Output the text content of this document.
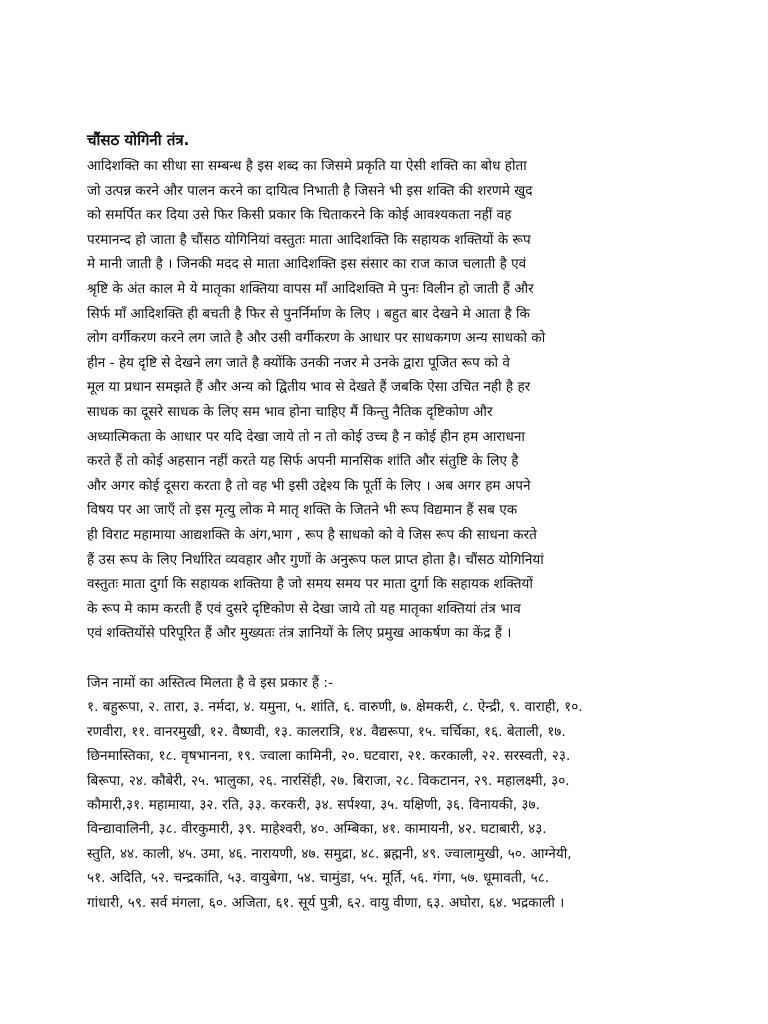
चौंसठ योगिनी तंत्र.
आदिशक्ति का सीधा सा सम्बन्ध है इस शब्द का जिसमे प्रकृति या ऐसी शक्ति का बोध होता
जो उत्पन्न करने और पालन करने का दायित्व निभाती है जिसने भी इस शक्ति की शरणमे खुद
को समर्पित कर दिया उसे फिर किसी प्रकार कि चिताकरने कि कोई आवश्यकता नहीं वह
परमानन्द हो जाता है चौंसठ योगिनियां वस्तुतः माता आदिशक्ति कि सहायक शक्तियों के रूप
मे मानी जाती है । जिनकी मदद से माता आदिशक्ति इस संसार का राज काज चलाती है एवं
श्रृष्टि के अंत काल मे ये मातृका शक्तिया वापस माँ आदिशक्ति मे पुनः विलीन हो जाती हैं और
सिर्फ माँ आदिशक्ति ही बचती है फिर से पुनर्निर्माण के लिए । बहुत बार देखने मे आता है कि
लोग वर्गीकरण करने लग जाते है और उसी वर्गीकरण के आधार पर साधकगण अन्य साधको को
हीन - हेय दृष्टि से देखने लग जाते है क्योंकि उनकी नजर मे उनके द्वारा पूजित रूप को वे
मूल या प्रधान समझते हैं और अन्य को द्वितीय भाव से देखते हैं जबकि ऐसा उचित नही है हर
साधक का दूसरे साधक के लिए सम भाव होना चाहिए मैं किन्तु नैतिक दृष्टिकोण और
अध्यात्मिकता के आधार पर यदि देखा जाये तो न तो कोई उच्च है न कोई हीन हम आराधना
करते हैं तो कोई अहसान नहीं करते यह सिर्फ अपनी मानसिक शांति और संतुष्टि के लिए है
और अगर कोई दूसरा करता है तो वह भी इसी उद्देश्य कि पूर्ती के लिए । अब अगर हम अपने
विषय पर आ जाएँ तो इस मृत्यु लोक मे मातृ शक्ति के जितने भी रूप विद्यमान हैं सब एक
ही विराट महामाया आद्यशक्ति के अंग,भाग , रूप है साधको को वे जिस रूप की साधना करते
हैं उस रूप के लिए निर्धारित व्यवहार और गुणों के अनुरूप फल प्राप्त होता है। चौंसठ योगिनियां
वस्तुतः माता दुर्गा कि सहायक शक्तिया है जो समय समय पर माता दुर्गा कि सहायक शक्तियों
के रूप मे काम करती हैं एवं दुसरे दृष्टिकोण से देखा जाये तो यह मातृका शक्तियां तंत्र भाव
एवं शक्तियोंसे परिपूरित हैं और मुख्यतः तंत्र ज्ञानियों के लिए प्रमुख आकर्षण का केंद्र हैं ।
जिन नामों का अस्तित्व मिलता है वे इस प्रकार हैं :-
१. बहुरूपा, २. तारा, ३. नर्मदा, ४. यमुना, ५. शांति, ६. वारुणी, ७. क्षेमकरी, ८. ऐन्द्री, ९. वाराही, १०.
रणवीरा, ११. वानरमुखी, १२. वैष्णवी, १३. कालरात्रि, १४. वैद्यरूपा, १५. चर्चिका, १६. बेताली, १७.
छिनमास्तिका, १८. वृषभानना, १९. ज्वाला कामिनी, २०. घटवारा, २१. करकाली, २२. सरस्वती, २३.
बिरूपा, २४. कौबेरी, २५. भालुका, २६. नारसिंही, २७. बिराजा, २८. विकटानन, २९. महालक्ष्मी, ३०.
कौमारी,३१. महामाया, ३२. रति, ३३. करकरी, ३४. सर्पश्या, ३५. यक्षिणी, ३६. विनायकी, ३७.
विन्द्यावालिनी, ३८. वीरकुमारी, ३९. माहेश्वरी, ४०. अम्बिका, ४१. कामायनी, ४२. घटाबारी, ४३.
स्तुति, ४४. काली, ४५. उमा, ४६. नारायणी, ४७. समुद्रा, ४८. ब्रह्मनी, ४९. ज्वालामुखी, ५०. आग्नेयी,
५१. अदिति, ५२. चन्द्रकांति, ५३. वायुबेगा, ५४. चामुंडा, ५५. मूर्ति, ५६. गंगा, ५७. धूमावती, ५८.
गांधारी, ५९. सर्व मंगला, ६०. अजिता, ६१. सूर्य पुत्री, ६२. वायु वीणा, ६३. अघोरा, ६४. भद्रकाली ।
